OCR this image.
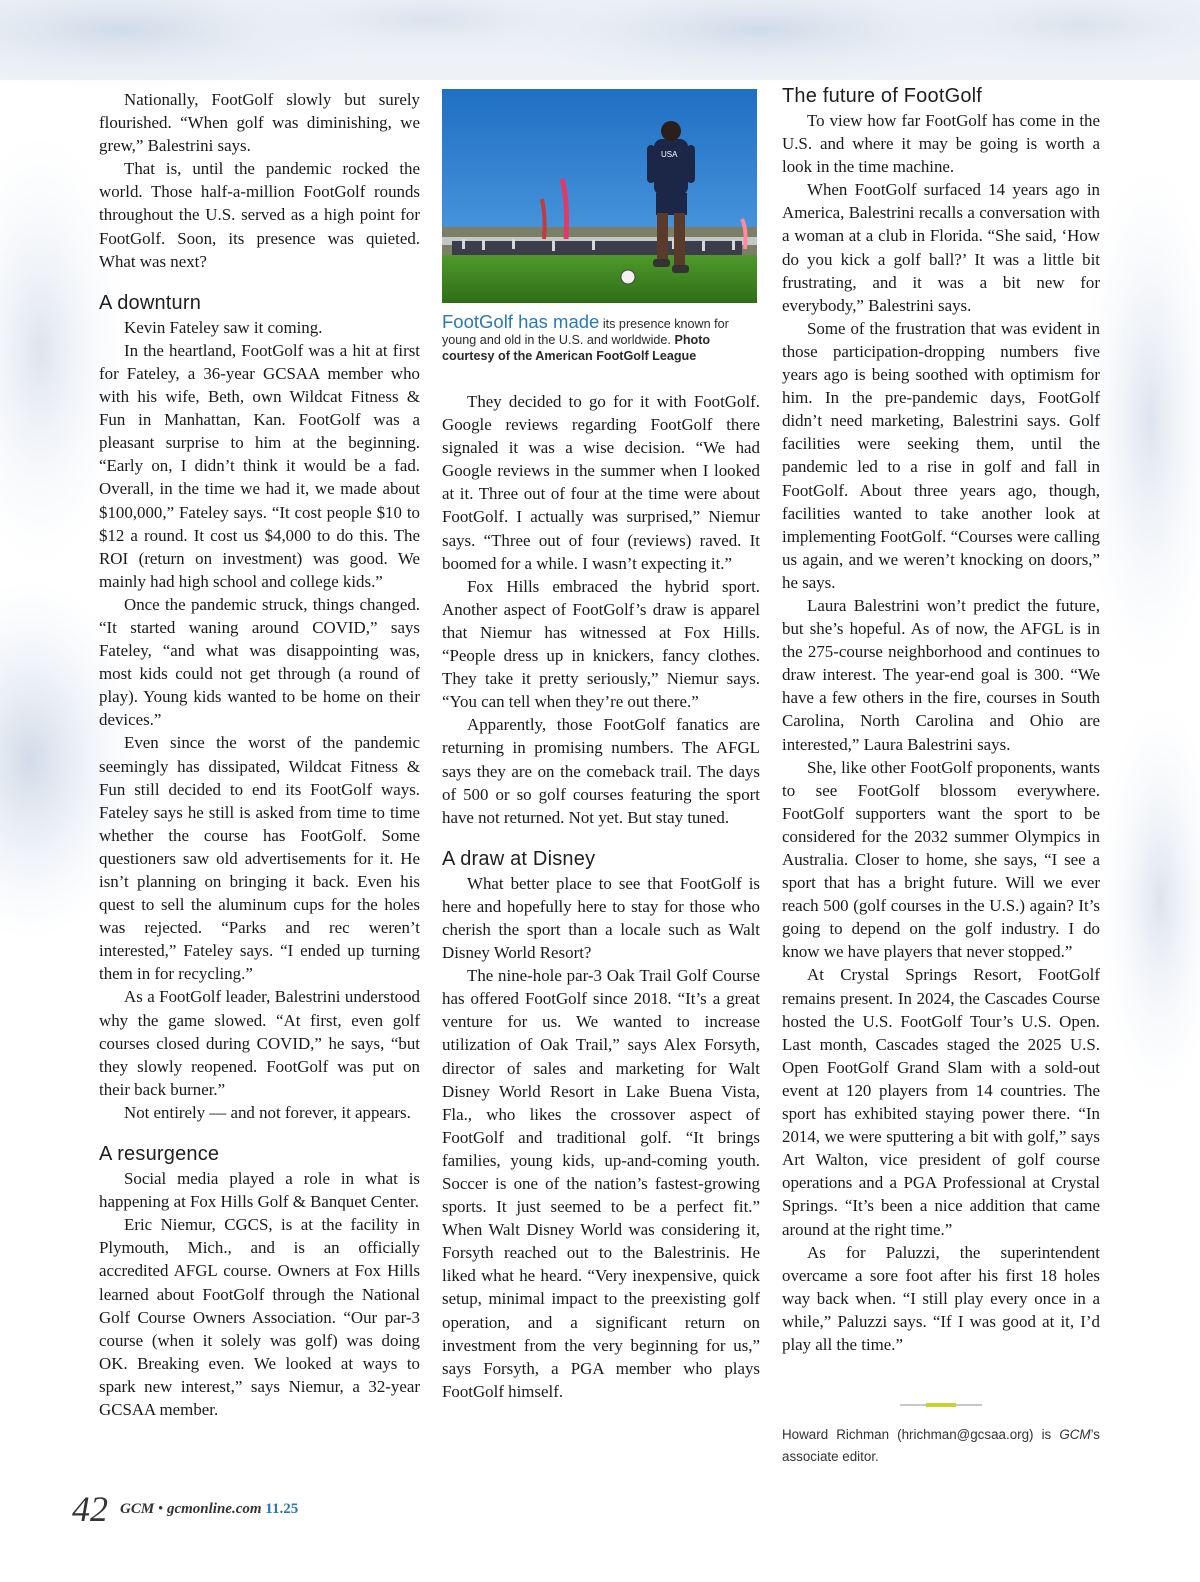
USA
FootGolf has made its presence known for young and old in the U.S. and worldwide. Photo courtesy of the American FootGolf League

Nationally, FootGolf slowly but surely flourished. “When golf was diminishing, we grew,” Balestrini says.

That is, until the pandemic rocked the world. Those half-a-million FootGolf rounds throughout the U.S. served as a high point for FootGolf. Soon, its presence was quieted. What was next?

A downturn

Kevin Fateley saw it coming.

In the heartland, FootGolf was a hit at first for Fateley, a 36-year GCSAA member who with his wife, Beth, own Wildcat Fitness & Fun in Manhattan, Kan. FootGolf was a pleasant surprise to him at the beginning. “Early on, I didn’t think it would be a fad. Overall, in the time we had it, we made about $100,000,” Fateley says. “It cost people $10 to $12 a round. It cost us $4,000 to do this. The ROI (return on investment) was good. We mainly had high school and college kids.”

Once the pandemic struck, things changed. “It started waning around COVID,” says Fateley, “and what was disappointing was, most kids could not get through (a round of play). Young kids wanted to be home on their devices.”

Even since the worst of the pandemic seemingly has dissipated, Wildcat Fitness & Fun still decided to end its FootGolf ways. Fateley says he still is asked from time to time whether the course has FootGolf. Some questioners saw old advertisements for it. He isn’t planning on bringing it back. Even his quest to sell the aluminum cups for the holes was rejected. “Parks and rec weren’t interested,” Fateley says. “I ended up turning them in for recycling.”

As a FootGolf leader, Balestrini understood why the game slowed. “At first, even golf courses closed during COVID,” he says, “but they slowly reopened. FootGolf was put on their back burner.”

Not entirely — and not forever, it appears.

A resurgence

Social media played a role in what is happening at Fox Hills Golf & Banquet Center.

Eric Niemur, CGCS, is at the facility in Plymouth, Mich., and is an officially accredited AFGL course. Owners at Fox Hills learned about FootGolf through the National Golf Course Owners Association. “Our par-3 course (when it solely was golf) was doing OK. Breaking even. We looked at ways to spark new interest,” says Niemur, a 32-year GCSAA member.

They decided to go for it with FootGolf. Google reviews regarding FootGolf there signaled it was a wise decision. “We had Google reviews in the summer when I looked at it. Three out of four at the time were about FootGolf. I actually was surprised,” Niemur says. “Three out of four (reviews) raved. It boomed for a while. I wasn’t expecting it.”

Fox Hills embraced the hybrid sport. Another aspect of FootGolf’s draw is apparel that Niemur has witnessed at Fox Hills. “People dress up in knickers, fancy clothes. They take it pretty seriously,” Niemur says. “You can tell when they’re out there.”

Apparently, those FootGolf fanatics are returning in promising numbers. The AFGL says they are on the comeback trail. The days of 500 or so golf courses featuring the sport have not returned. Not yet. But stay tuned.

A draw at Disney

What better place to see that FootGolf is here and hopefully here to stay for those who cherish the sport than a locale such as Walt Disney World Resort?

The nine-hole par-3 Oak Trail Golf Course has offered FootGolf since 2018. “It’s a great venture for us. We wanted to increase utilization of Oak Trail,” says Alex Forsyth, director of sales and marketing for Walt Disney World Resort in Lake Buena Vista, Fla., who likes the crossover aspect of FootGolf and traditional golf. “It brings families, young kids, up-and-coming youth. Soccer is one of the nation’s fastest-growing sports. It just seemed to be a perfect fit.” When Walt Disney World was considering it, Forsyth reached out to the Balestrinis. He liked what he heard. “Very inexpensive, quick setup, minimal impact to the preexisting golf operation, and a significant return on investment from the very beginning for us,” says Forsyth, a PGA member who plays FootGolf himself.

The future of FootGolf

To view how far FootGolf has come in the U.S. and where it may be going is worth a look in the time machine.

When FootGolf surfaced 14 years ago in America, Balestrini recalls a conversation with a woman at a club in Florida. “She said, ‘How do you kick a golf ball?’ It was a little bit frustrating, and it was a bit new for everybody,” Balestrini says.

Some of the frustration that was evident in those participation-dropping numbers five years ago is being soothed with optimism for him. In the pre-pandemic days, FootGolf didn’t need marketing, Balestrini says. Golf facilities were seeking them, until the pandemic led to a rise in golf and fall in FootGolf. About three years ago, though, facilities wanted to take another look at implementing FootGolf. “Courses were calling us again, and we weren’t knocking on doors,” he says.

Laura Balestrini won’t predict the future, but she’s hopeful. As of now, the AFGL is in the 275-course neighborhood and continues to draw interest. The year-end goal is 300. “We have a few others in the fire, courses in South Carolina, North Carolina and Ohio are interested,” Laura Balestrini says.

She, like other FootGolf proponents, wants to see FootGolf blossom everywhere. FootGolf supporters want the sport to be considered for the 2032 summer Olympics in Australia. Closer to home, she says, “I see a sport that has a bright future. Will we ever reach 500 (golf courses in the U.S.) again? It’s going to depend on the golf industry. I do know we have players that never stopped.”

At Crystal Springs Resort, FootGolf remains present. In 2024, the Cascades Course hosted the U.S. FootGolf Tour’s U.S. Open. Last month, Cascades staged the 2025 U.S. Open FootGolf Grand Slam with a sold-out event at 120 players from 14 countries. The sport has exhibited staying power there. “In 2014, we were sputtering a bit with golf,” says Art Walton, vice president of golf course operations and a PGA Professional at Crystal Springs. “It’s been a nice addition that came around at the right time.”

As for Paluzzi, the superintendent overcame a sore foot after his first 18 holes way back when. “I still play every once in a while,” Paluzzi says. “If I was good at it, I’d play all the time.”

Howard Richman (hrichman@gcsaa.org) is GCM’s associate editor.
42 GCM • gcmonline.com 11.25
